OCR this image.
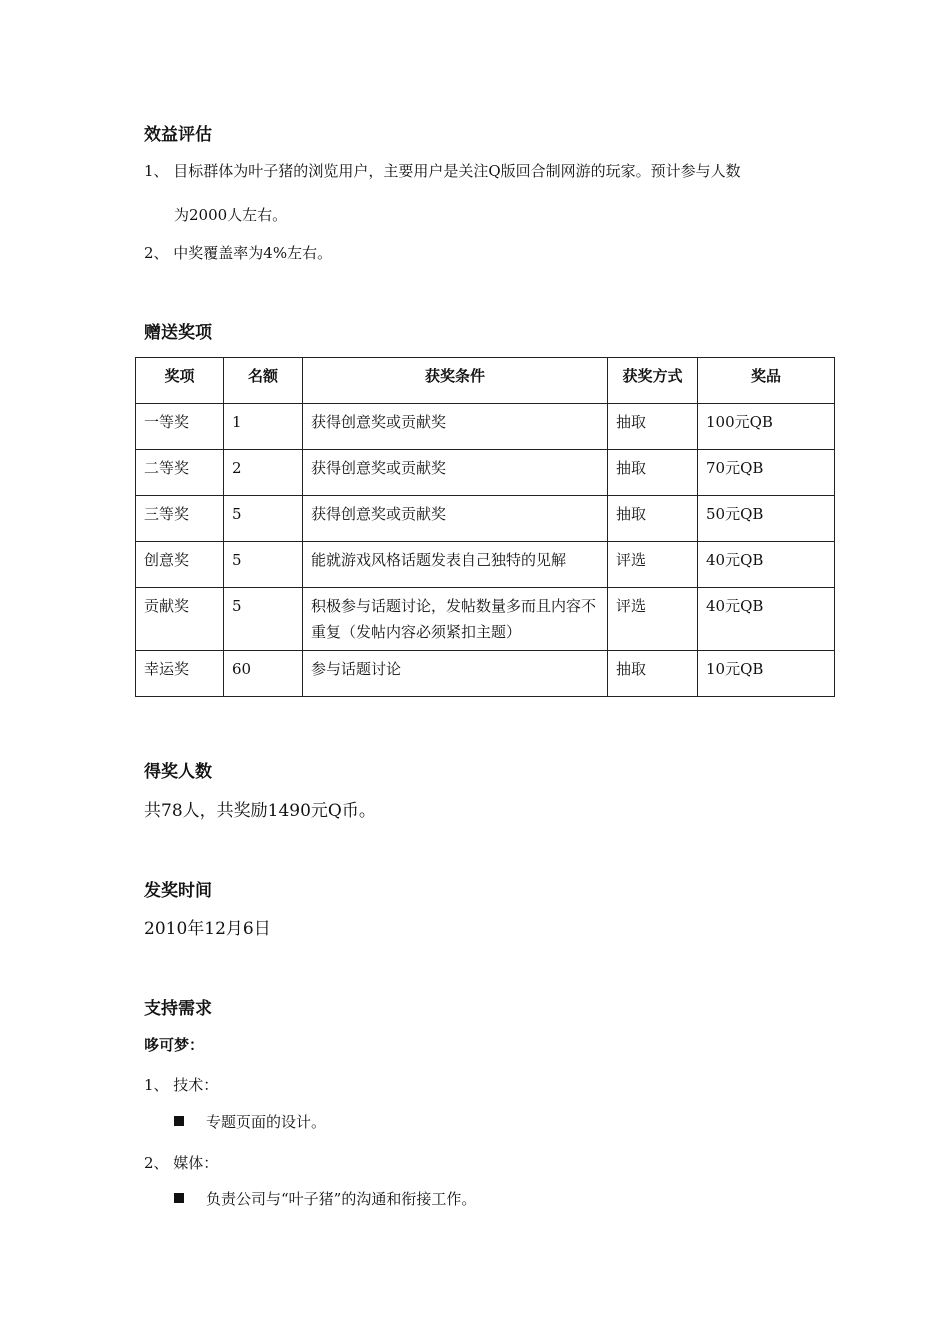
效益评估
1、 目标群体为叶子猪的浏览用户，主要用户是关注Q版回合制网游的玩家。预计参与人数
为2000人左右。
2、 中奖覆盖率为4%左右。
赠送奖项
奖项	名额	获奖条件	获奖方式	奖品
一等奖	1	获得创意奖或贡献奖	抽取	100元QB
二等奖	2	获得创意奖或贡献奖	抽取	70元QB
三等奖	5	获得创意奖或贡献奖	抽取	50元QB
创意奖	5	能就游戏风格话题发表自己独特的见解	评选	40元QB
贡献奖	5	积极参与话题讨论，发帖数量多而且内容不重复（发帖内容必须紧扣主题）	评选	40元QB
幸运奖	60	参与话题讨论	抽取	10元QB
得奖人数
共78人，共奖励1490元Q币。
发奖时间
2010年12月6日
支持需求
哆可梦：
1、 技术：
专题页面的设计。
2、 媒体：
负责公司与“叶子猪”的沟通和衔接工作。
